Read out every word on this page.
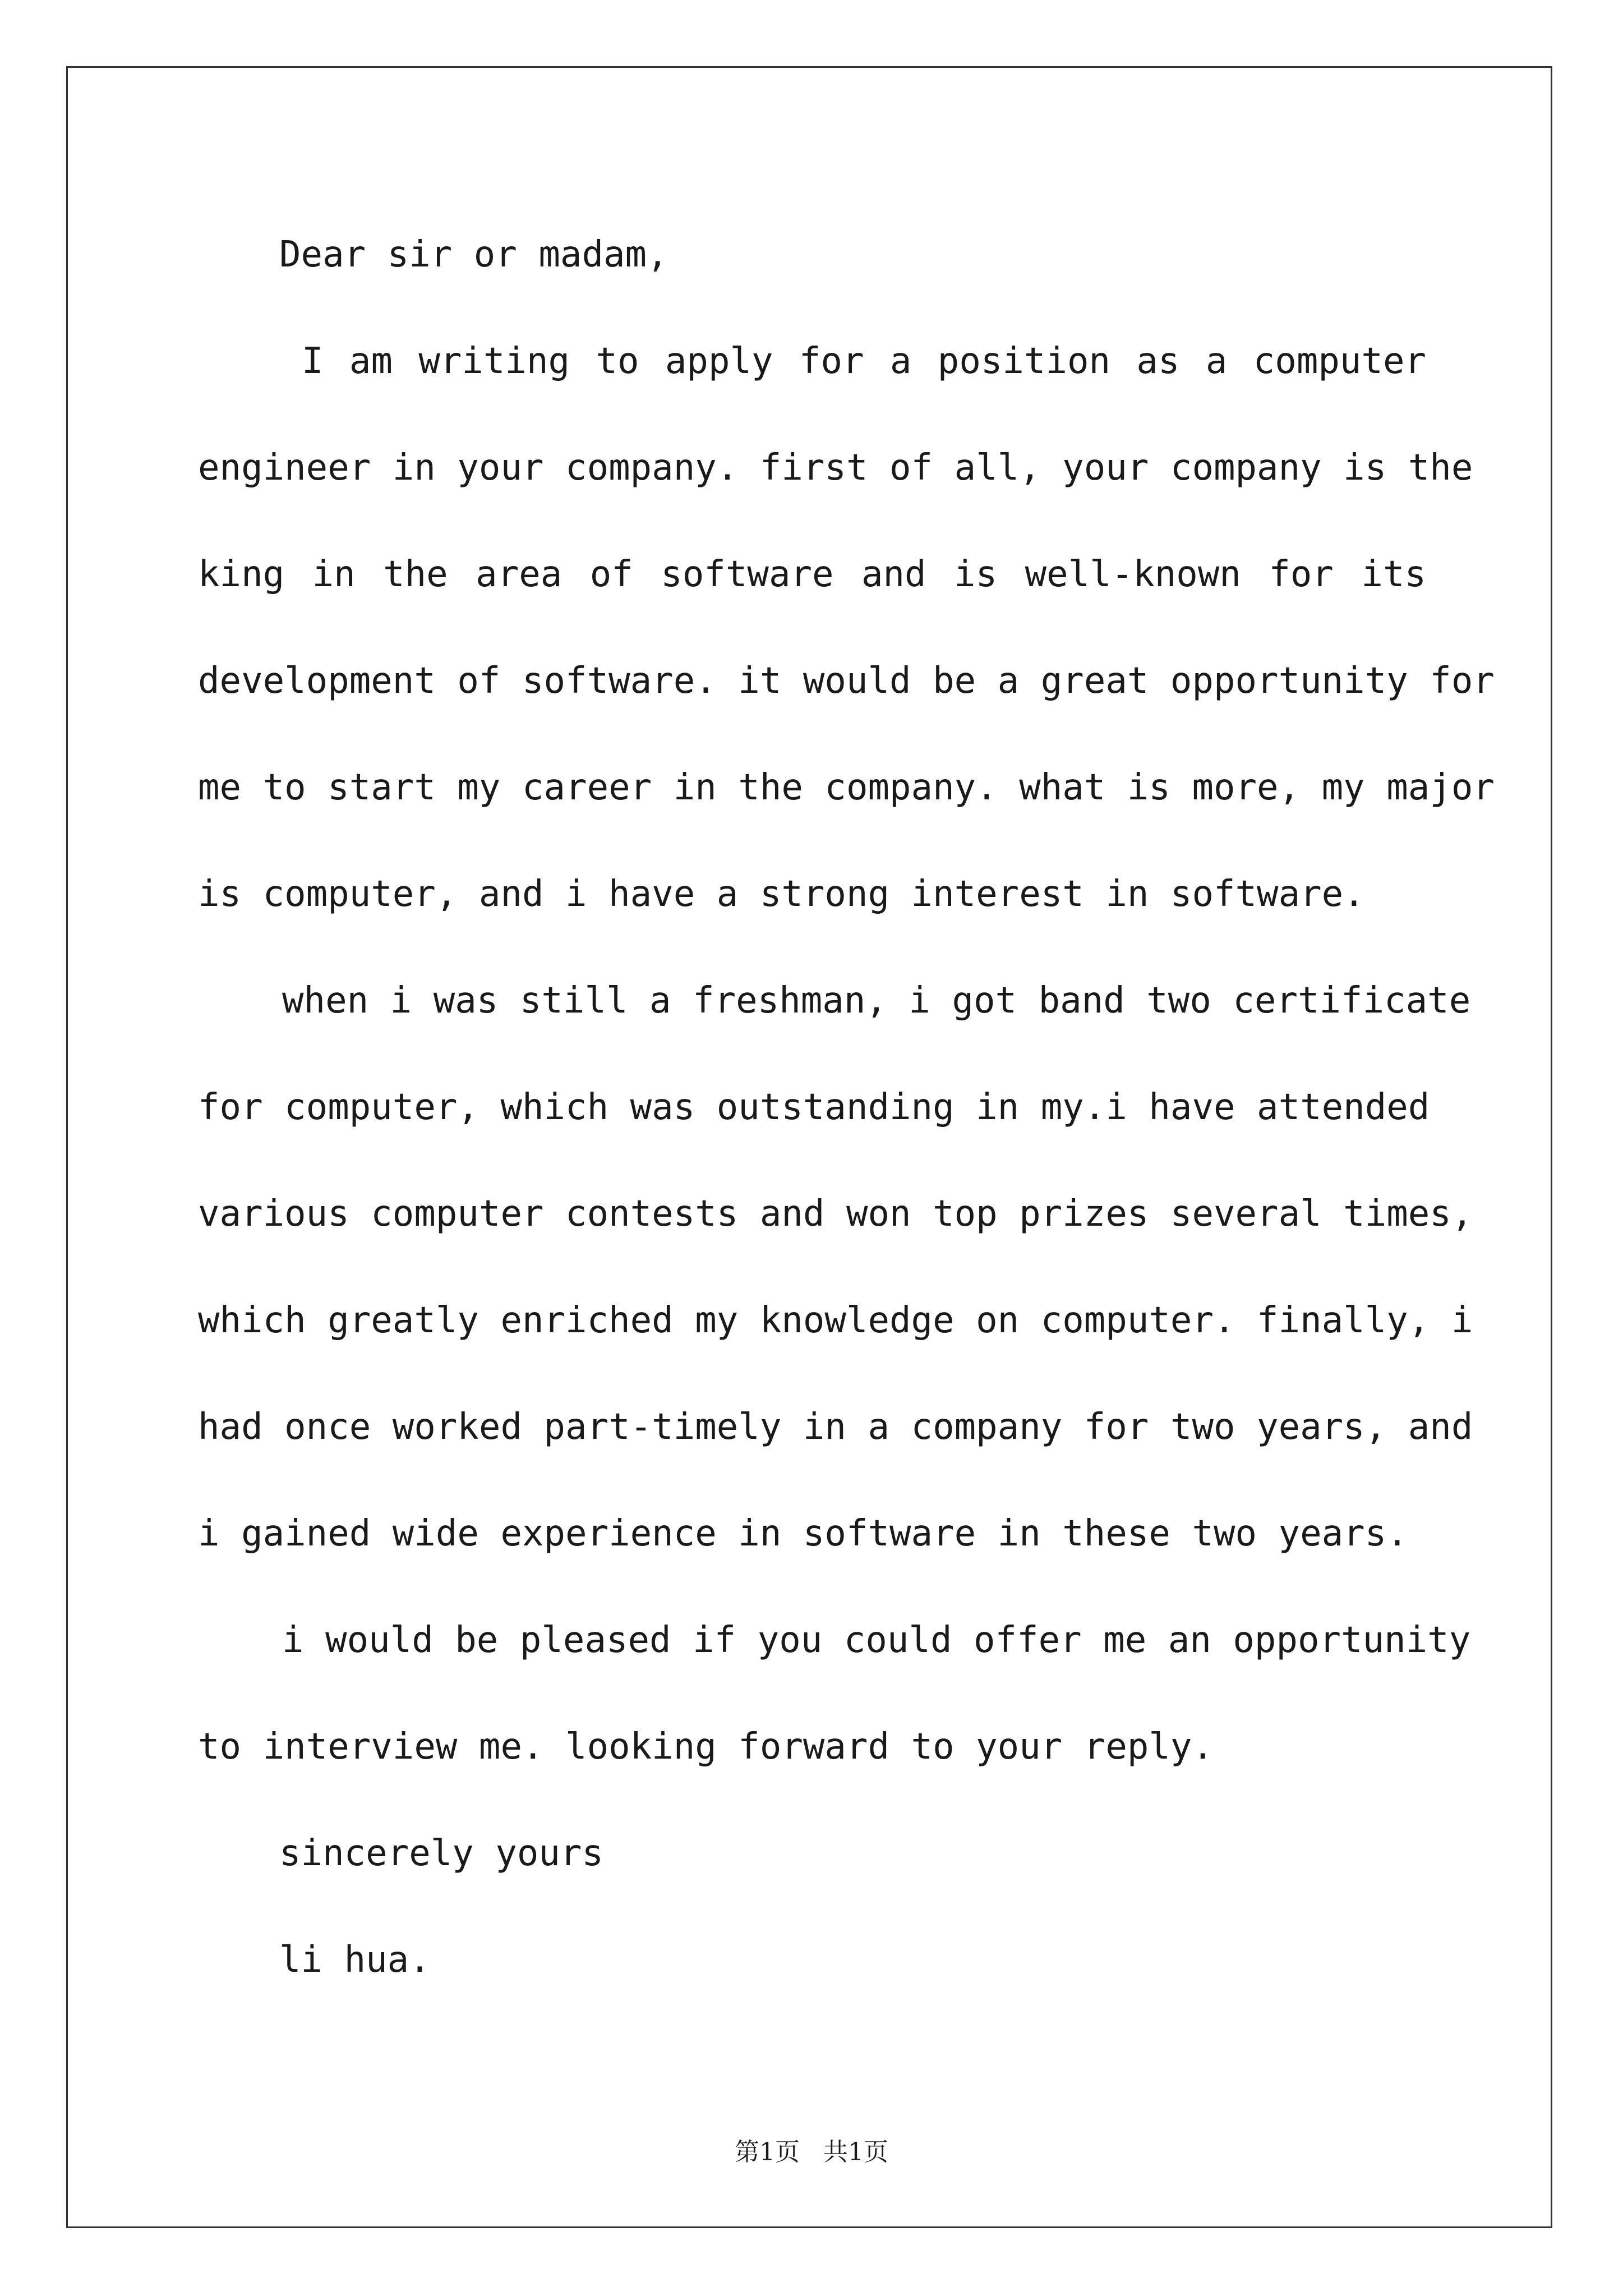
Dear sir or madam,

I am writing to apply for a position as a computer

engineer in your company. first of all, your company is the

king in the area of software and is well-known for its

development of software. it would be a great opportunity for

me to start my career in the company. what is more, my major

is computer, and i have a strong interest in software.

when i was still a freshman, i got band two certificate

for computer, which was outstanding in my.i have attended

various computer contests and won top prizes several times,

which greatly enriched my knowledge on computer. finally, i

had once worked part-timely in a company for two years, and

i gained wide experience in software in these two years.

i would be pleased if you could offer me an opportunity

to interview me. looking forward to your reply.

sincerely yours

li hua.

第1页   共1页
